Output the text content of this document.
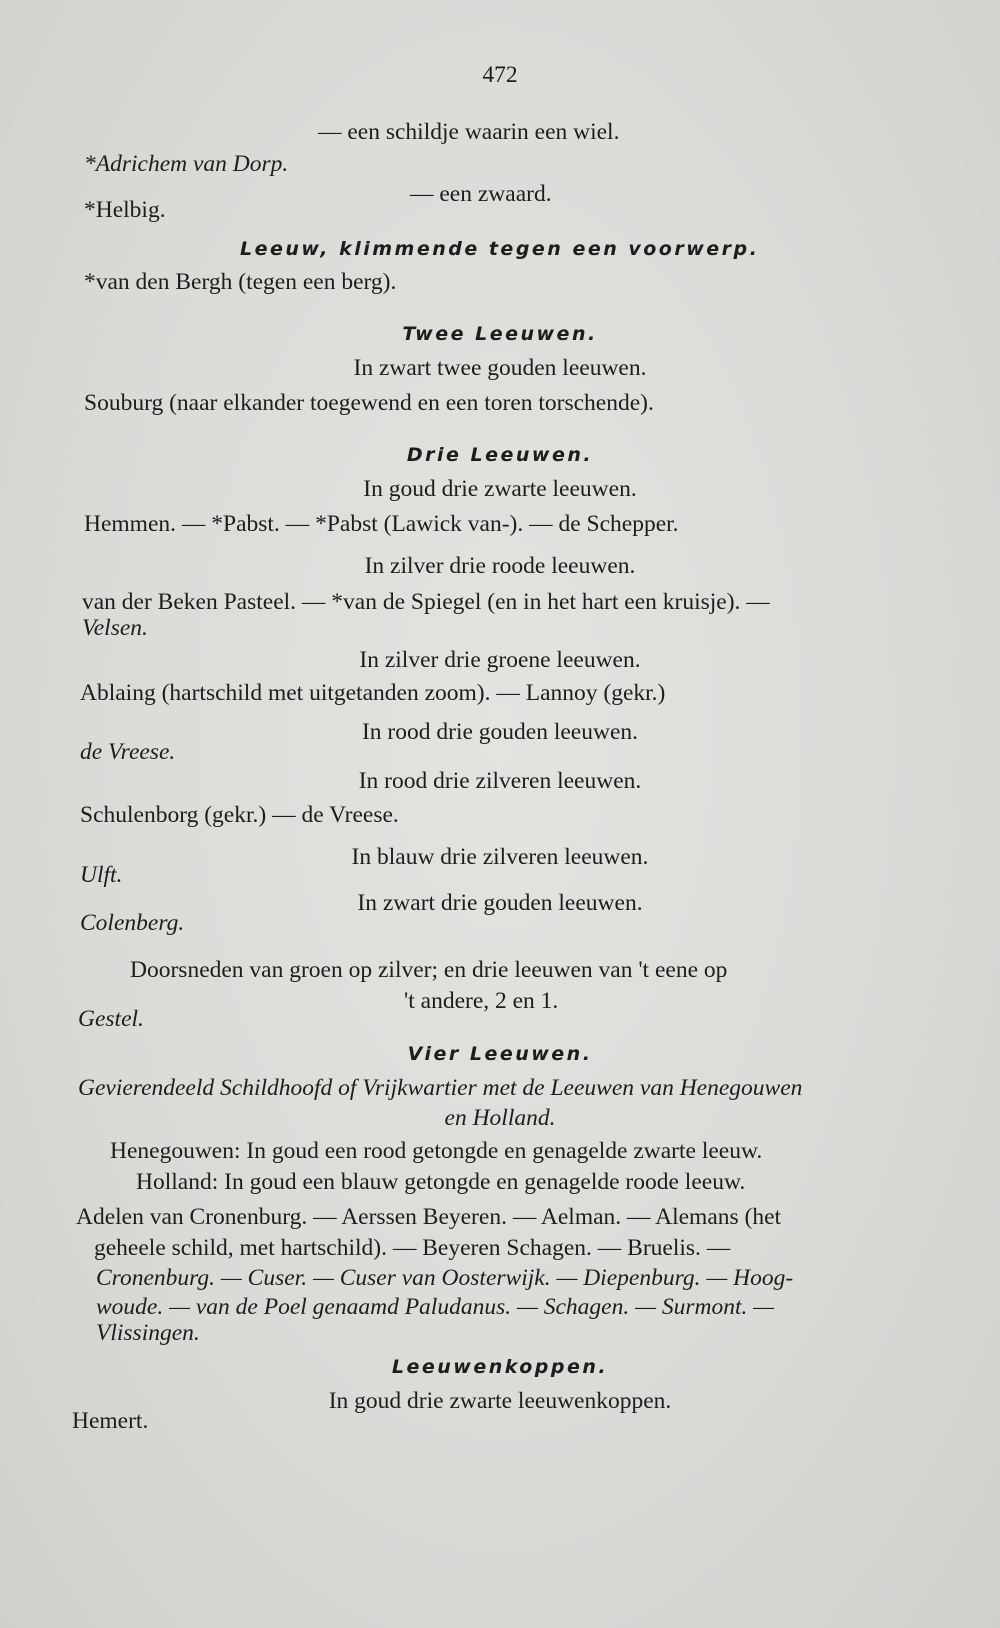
472
— een schildje waarin een wiel.
*Adrichem van Dorp.
— een zwaard.
*Helbig.
Leeuw, klimmende tegen een voorwerp.
*van den Bergh (tegen een berg).
Twee Leeuwen.
In zwart twee gouden leeuwen.
Souburg (naar elkander toegewend en een toren torschende).
Drie Leeuwen.
In goud drie zwarte leeuwen.
Hemmen. — *Pabst. — *Pabst (Lawick van-). — de Schepper.
In zilver drie roode leeuwen.
van der Beken Pasteel. — *van de Spiegel (en in het hart een kruisje). —
Velsen.
In zilver drie groene leeuwen.
Ablaing (hartschild met uitgetanden zoom). — Lannoy (gekr.)
In rood drie gouden leeuwen.
de Vreese.
In rood drie zilveren leeuwen.
Schulenborg (gekr.) — de Vreese.
In blauw drie zilveren leeuwen.
Ulft.
In zwart drie gouden leeuwen.
Colenberg.
Doorsneden van groen op zilver; en drie leeuwen van 't eene op
't andere, 2 en 1.
Gestel.
Vier Leeuwen.
Gevierendeeld Schildhoofd of Vrijkwartier met de Leeuwen van Henegouwen
en Holland.
Henegouwen: In goud een rood getongde en genagelde zwarte leeuw.
Holland: In goud een blauw getongde en genagelde roode leeuw.
Adelen van Cronenburg. — Aerssen Beyeren. — Aelman. — Alemans (het
geheele schild, met hartschild). — Beyeren Schagen. — Bruelis. —
Cronenburg. — Cuser. — Cuser van Oosterwijk. — Diepenburg. — Hoog-
woude. — van de Poel genaamd Paludanus. — Schagen. — Surmont. —
Vlissingen.
Leeuwenkoppen.
In goud drie zwarte leeuwenkoppen.
Hemert.
